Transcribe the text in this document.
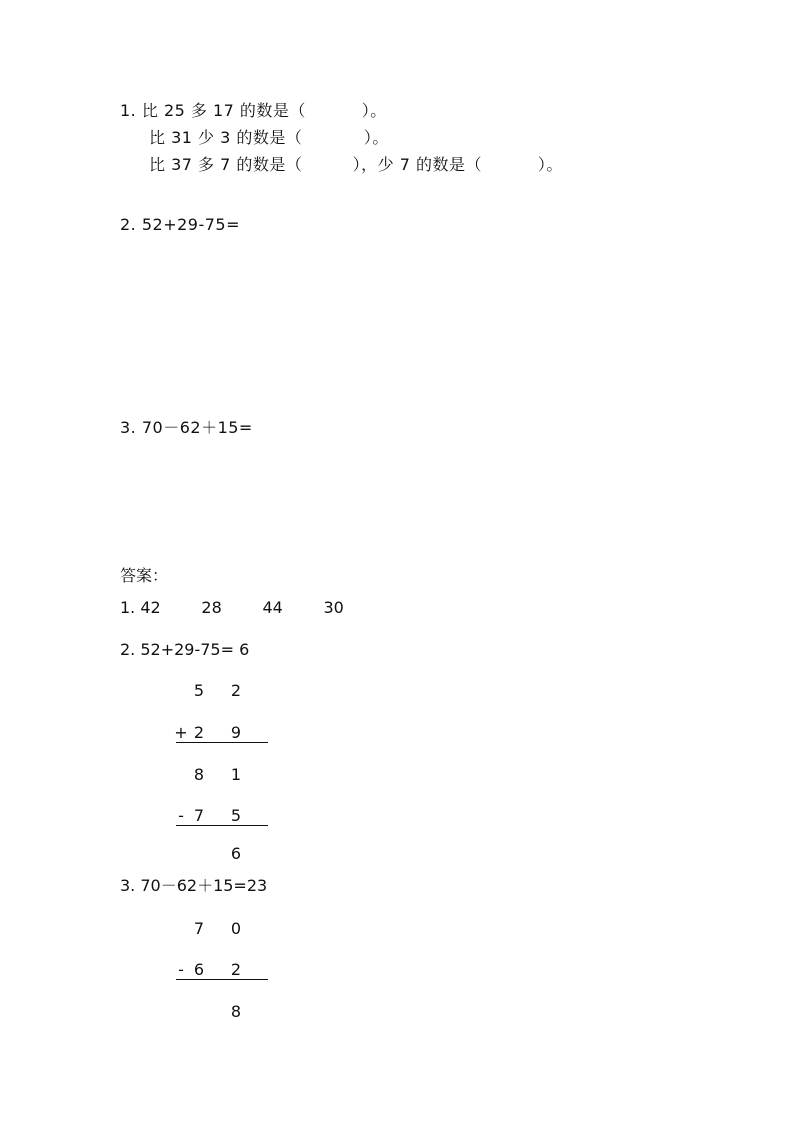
1. 比 25 多 17 的数是（          ）。
比 31 少 3 的数是（           ）。
比 37 多 7 的数是（         ），少 7 的数是（          ）。
2. 52+29-75=
3. 70－62＋15=
答案：
1. 42        28        44        30
2. 52+29-75= 6
5	2
+ 2	9
8	1
- 7	5
6
3. 70－62＋15=23
7	0
- 6	2
8
